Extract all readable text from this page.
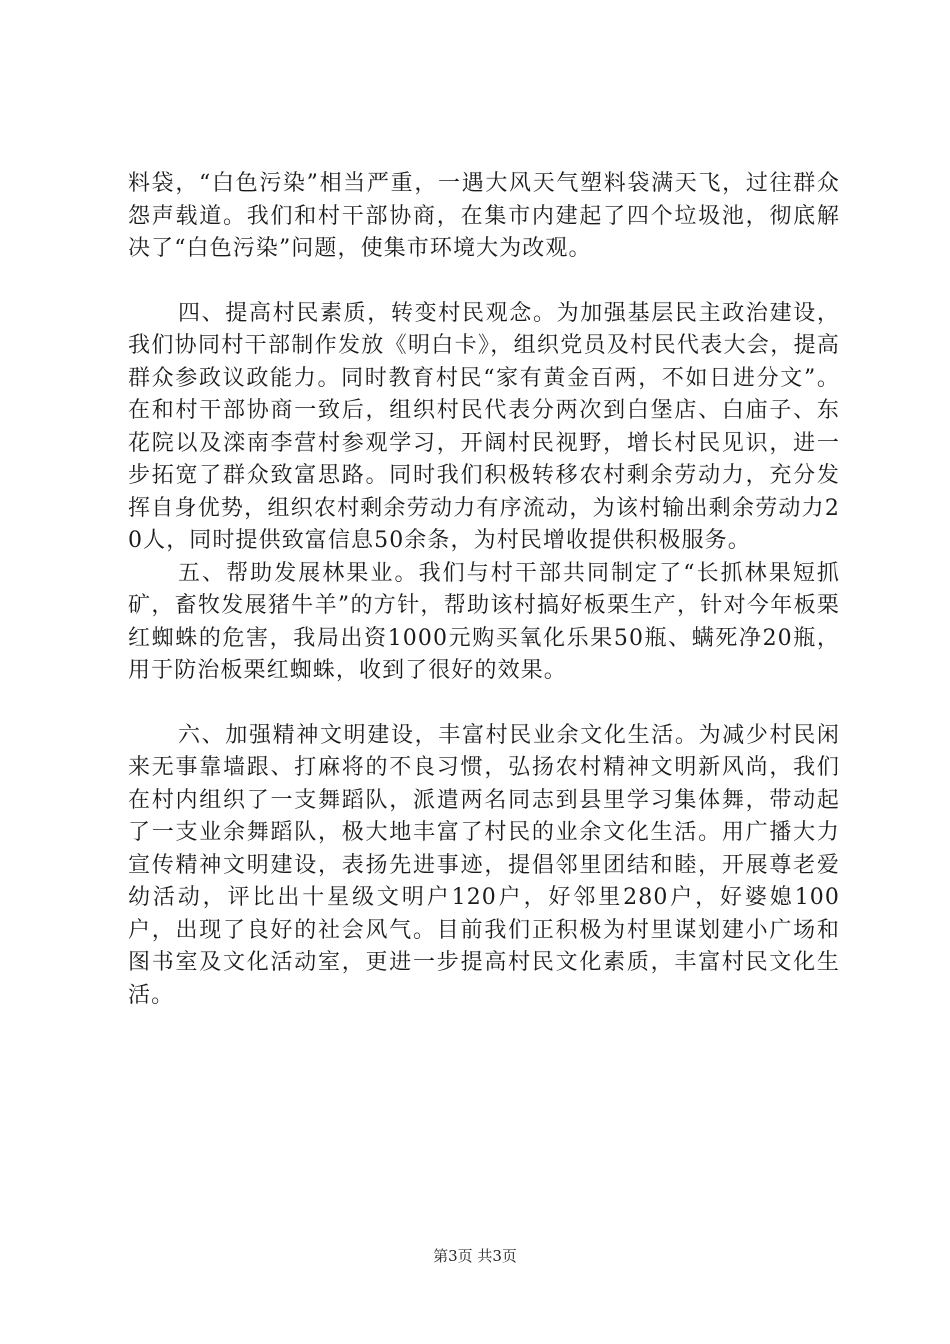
料袋，“白色污染”相当严重，一遇大风天气塑料袋满天飞，过往群众怨声载道。我们和村干部协商，在集市内建起了四个垃圾池，彻底解决了“白色污染”问题，使集市环境大为改观。

四、提高村民素质，转变村民观念。为加强基层民主政治建设，我们协同村干部制作发放《明白卡》，组织党员及村民代表大会，提高群众参政议政能力。同时教育村民“家有黄金百两，不如日进分文”。在和村干部协商一致后，组织村民代表分两次到白堡店、白庙子、东花院以及滦南李营村参观学习，开阔村民视野，增长村民见识，进一步拓宽了群众致富思路。同时我们积极转移农村剩余劳动力，充分发挥自身优势，组织农村剩余劳动力有序流动，为该村输出剩余劳动力20人，同时提供致富信息50余条，为村民增收提供积极服务。

五、帮助发展林果业。我们与村干部共同制定了“长抓林果短抓矿，畜牧发展猪牛羊”的方针，帮助该村搞好板栗生产，针对今年板栗红蜘蛛的危害，我局出资1000元购买氧化乐果50瓶、螨死净20瓶，用于防治板栗红蜘蛛，收到了很好的效果。

六、加强精神文明建设，丰富村民业余文化生活。为减少村民闲来无事靠墙跟、打麻将的不良习惯，弘扬农村精神文明新风尚，我们在村内组织了一支舞蹈队，派遣两名同志到县里学习集体舞，带动起了一支业余舞蹈队，极大地丰富了村民的业余文化生活。用广播大力宣传精神文明建设，表扬先进事迹，提倡邻里团结和睦，开展尊老爱幼活动，评比出十星级文明户120户，好邻里280户，好婆媳100户，出现了良好的社会风气。目前我们正积极为村里谋划建小广场和图书室及文化活动室，更进一步提高村民文化素质，丰富村民文化生活。

第3页 共3页
